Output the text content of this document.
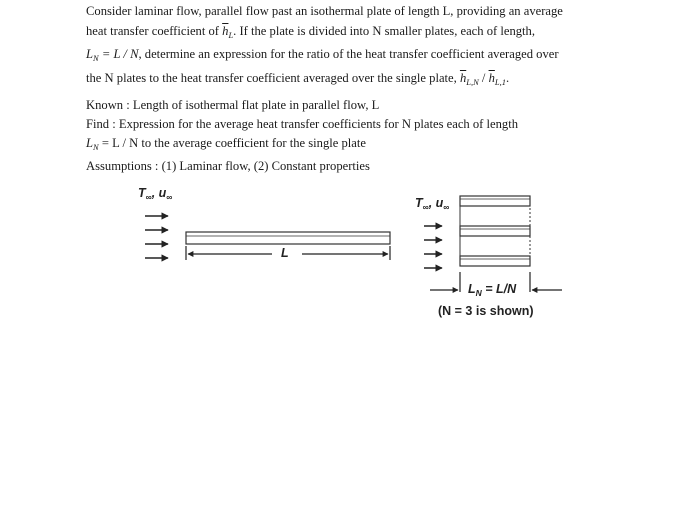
Consider laminar flow, parallel flow past an isothermal plate of length L, providing an average
heat transfer coefficient of $\overline{h}_L$. If the plate is divided into N smaller plates, each of length,
$L_N = L / N$, determine an expression for the ratio of the heat transfer coefficient averaged over
the N plates to the heat transfer coefficient averaged over the single plate, $\overline{h}_{L,N} / \overline{h}_{L,1}$.
Known : Length of isothermal flat plate in parallel flow, L
Find : Expression for the average heat transfer coefficients for N plates each of length
$L_N = L / N$ to the average coefficient for the single plate
Assumptions : (1) Laminar flow, (2) Constant properties
$T_\infty$, $u_\infty$
L
$T_\infty$, $u_\infty$
$L_N = L/N$
(N = 3 is shown)
